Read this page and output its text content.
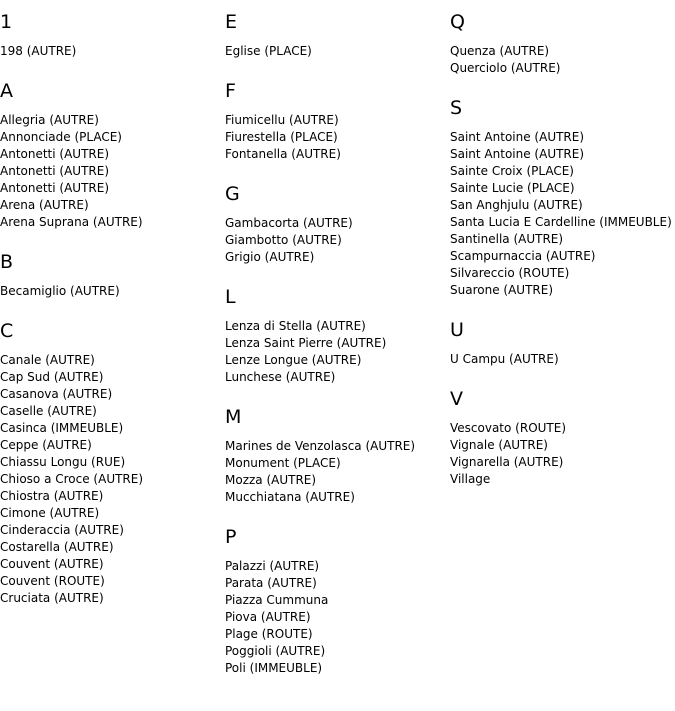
1
198 (AUTRE)
A
Allegria (AUTRE)
Annonciade (PLACE)
Antonetti (AUTRE)
Antonetti (AUTRE)
Antonetti (AUTRE)
Arena (AUTRE)
Arena Suprana (AUTRE)
B
Becamiglio (AUTRE)
C
Canale (AUTRE)
Cap Sud (AUTRE)
Casanova (AUTRE)
Caselle (AUTRE)
Casinca (IMMEUBLE)
Ceppe (AUTRE)
Chiassu Longu (RUE)
Chioso a Croce (AUTRE)
Chiostra (AUTRE)
Cimone (AUTRE)
Cinderaccia (AUTRE)
Costarella (AUTRE)
Couvent (AUTRE)
Couvent (ROUTE)
Cruciata (AUTRE)
E
Eglise (PLACE)
F
Fiumicellu (AUTRE)
Fiurestella (PLACE)
Fontanella (AUTRE)
G
Gambacorta (AUTRE)
Giambotto (AUTRE)
Grigio (AUTRE)
L
Lenza di Stella (AUTRE)
Lenza Saint Pierre (AUTRE)
Lenze Longue (AUTRE)
Lunchese (AUTRE)
M
Marines de Venzolasca (AUTRE)
Monument (PLACE)
Mozza (AUTRE)
Mucchiatana (AUTRE)
P
Palazzi (AUTRE)
Parata (AUTRE)
Piazza Cummuna
Piova (AUTRE)
Plage (ROUTE)
Poggioli (AUTRE)
Poli (IMMEUBLE)
Q
Quenza (AUTRE)
Querciolo (AUTRE)
S
Saint Antoine (AUTRE)
Saint Antoine (AUTRE)
Sainte Croix (PLACE)
Sainte Lucie (PLACE)
San Anghjulu (AUTRE)
Santa Lucia E Cardelline (IMMEUBLE)
Santinella (AUTRE)
Scampurnaccia (AUTRE)
Silvareccio (ROUTE)
Suarone (AUTRE)
U
U Campu (AUTRE)
V
Vescovato (ROUTE)
Vignale (AUTRE)
Vignarella (AUTRE)
Village
